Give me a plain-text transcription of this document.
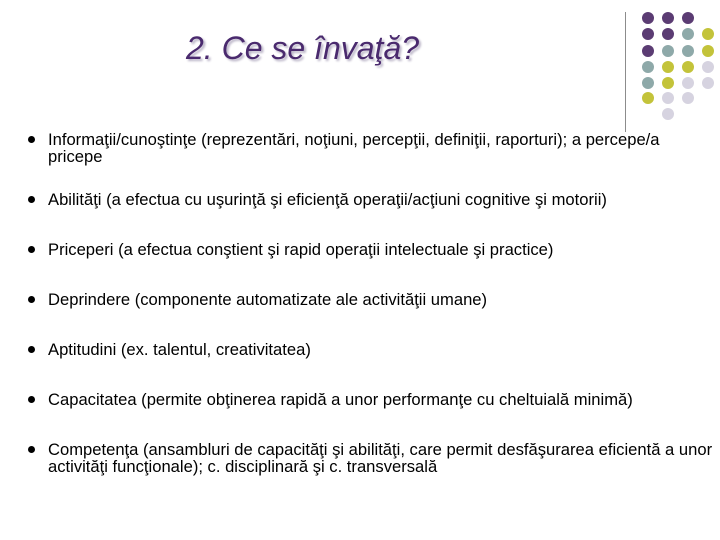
2. Ce se învaţă?
Informaţii/cunoştinţe (reprezentări, noţiuni, percepţii, definiţii, raporturi); a percepe/a pricepe
Abilităţi (a efectua cu uşurinţă şi eficienţă operaţii/acţiuni cognitive şi motorii)
Priceperi (a efectua conştient şi rapid operaţii intelectuale şi practice)
Deprindere (componente automatizate ale activităţii umane)
Aptitudini (ex. talentul, creativitatea)
Capacitatea (permite obţinerea rapidă a unor performanţe cu cheltuială minimă)
Competenţa (ansambluri de capacităţi şi abilităţi, care permit desfăşurarea eficientă a unor activităţi funcţionale); c. disciplinară şi c. transversală
